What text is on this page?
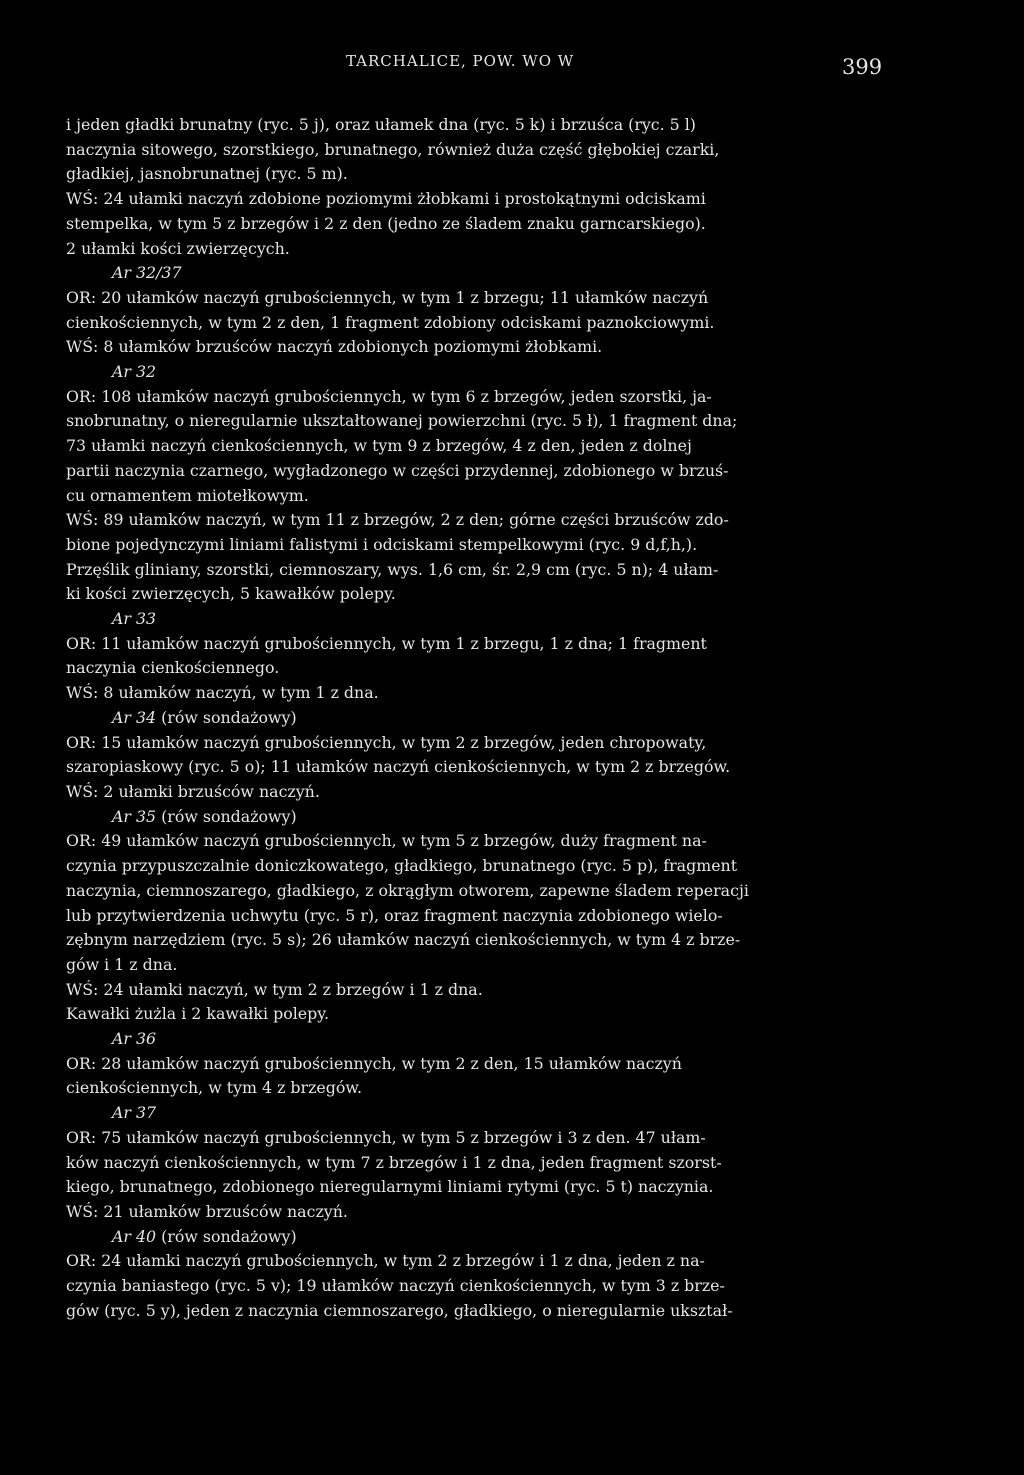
TARCHALICE, POW. WO W	399

i jeden gładki brunatny (ryc. 5 j), oraz ułamek dna (ryc. 5 k) i brzuśca (ryc. 5 l)

naczynia sitowego, szorstkiego, brunatnego, również duża część głębokiej czarki,

gładkiej, jasnobrunatnej (ryc. 5 m).

WŚ: 24 ułamki naczyń zdobione poziomymi żłobkami i prostokątnymi odciskami

stempelka, w tym 5 z brzegów i 2 z den (jedno ze śladem znaku garncarskiego).

2 ułamki kości zwierzęcych.

Ar 32/37

OR: 20 ułamków naczyń grubościennych, w tym 1 z brzegu; 11 ułamków naczyń

cienkościennych, w tym 2 z den, 1 fragment zdobiony odciskami paznokciowymi.

WŚ: 8 ułamków brzuśców naczyń zdobionych poziomymi żłobkami.

Ar 32

OR: 108 ułamków naczyń grubościennych, w tym 6 z brzegów, jeden szorstki, ja-

snobrunatny, o nieregularnie ukształtowanej powierzchni (ryc. 5 ł), 1 fragment dna;

73 ułamki naczyń cienkościennych, w tym 9 z brzegów, 4 z den, jeden z dolnej

partii naczynia czarnego, wygładzonego w części przydennej, zdobionego w brzuś-

cu ornamentem miotełkowym.

WŚ: 89 ułamków naczyń, w tym 11 z brzegów, 2 z den; górne części brzuśców zdo-

bione pojedynczymi liniami falistymi i odciskami stempelkowymi (ryc. 9 d,f,h,).

Przęślik gliniany, szorstki, ciemnoszary, wys. 1,6 cm, śr. 2,9 cm (ryc. 5 n); 4 ułam-

ki kości zwierzęcych, 5 kawałków polepy.

Ar 33

OR: 11 ułamków naczyń grubościennych, w tym 1 z brzegu, 1 z dna; 1 fragment

naczynia cienkościennego.

WŚ: 8 ułamków naczyń, w tym 1 z dna.

Ar 34 (rów sondażowy)

OR: 15 ułamków naczyń grubościennych, w tym 2 z brzegów, jeden chropowaty,

szaropiaskowy (ryc. 5 o); 11 ułamków naczyń cienkościennych, w tym 2 z brzegów.

WŚ: 2 ułamki brzuśców naczyń.

Ar 35 (rów sondażowy)

OR: 49 ułamków naczyń grubościennych, w tym 5 z brzegów, duży fragment na-

czynia przypuszczalnie doniczkowatego, gładkiego, brunatnego (ryc. 5 p), fragment

naczynia, ciemnoszarego, gładkiego, z okrągłym otworem, zapewne śladem reperacji

lub przytwierdzenia uchwytu (ryc. 5 r), oraz fragment naczynia zdobionego wielo-

zębnym narzędziem (ryc. 5 s); 26 ułamków naczyń cienkościennych, w tym 4 z brze-

gów i 1 z dna.

WŚ: 24 ułamki naczyń, w tym 2 z brzegów i 1 z dna.

Kawałki żużla i 2 kawałki polepy.

Ar 36

OR: 28 ułamków naczyń grubościennych, w tym 2 z den, 15 ułamków naczyń

cienkościennych, w tym 4 z brzegów.

Ar 37

OR: 75 ułamków naczyń grubościennych, w tym 5 z brzegów i 3 z den. 47 ułam-

ków naczyń cienkościennych, w tym 7 z brzegów i 1 z dna, jeden fragment szorst-

kiego, brunatnego, zdobionego nieregularnymi liniami rytymi (ryc. 5 t) naczynia.

WŚ: 21 ułamków brzuśców naczyń.

Ar 40 (rów sondażowy)

OR: 24 ułamki naczyń grubościennych, w tym 2 z brzegów i 1 z dna, jeden z na-

czynia baniastego (ryc. 5 v); 19 ułamków naczyń cienkościennych, w tym 3 z brze-

gów (ryc. 5 y), jeden z naczynia ciemnoszarego, gładkiego, o nieregularnie ukształ-
